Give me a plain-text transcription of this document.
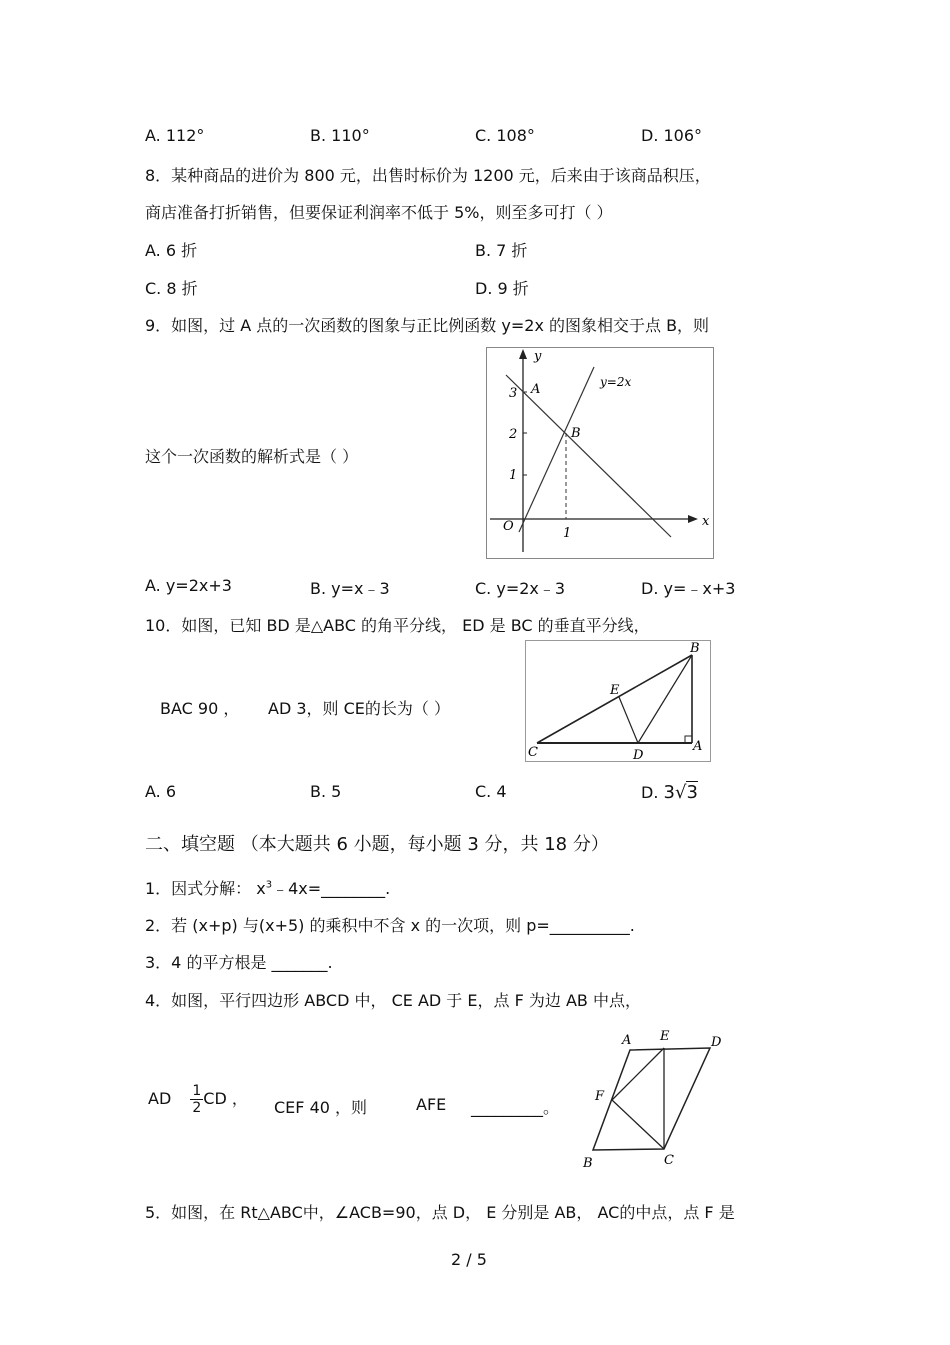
A. 112°	B. 110°	C. 108°	D. 106°
8．某种商品的进价为 800 元，出售时标价为 1200 元，后来由于该商品积压，
商店准备打折销售，但要保证利润率不低于 5%，则至多可打（ ）
A. 6 折	B. 7 折
C. 8 折	D. 9 折
9．如图，过 A 点的一次函数的图象与正比例函数 y=2x 的图象相交于点 B，则
这个一次函数的解析式是（ ）
y
x
O
y=2x
A
B
3
2
1
1
A. y=2x+3	B. y=x﹣3	C. y=2x﹣3	D. y=﹣x+3
10．如图，已知 BD 是△ABC 的角平分线， ED 是 BC 的垂直平分线，
BAC 90 ， AD 3，则 CE的长为（ ）
B
E
C	D
A
A. 6	B. 5	C. 4	D. 3√3
二、填空题 （本大题共 6 小题，每小题 3 分，共 18 分）
1．因式分解： $x^3﹣4x=\_\_\_\_\_\_\_\_$.
2．若 (x+p) 与(x+5) 的乘积中不含 x 的一次项，则 p=__________.
3．4 的平方根是 _______.
4．如图，平行四边形 ABCD 中， CE AD 于 E，点 F 为边 AB 中点，
AD $\frac{1}{2}$ CD ， CEF 40 ，则	AFE _________。
A E	D
F
B	C
5．如图，在 Rt△ABC中，∠ACB=90，点 D， E 分别是 AB， AC的中点，点 F 是
2 / 5
